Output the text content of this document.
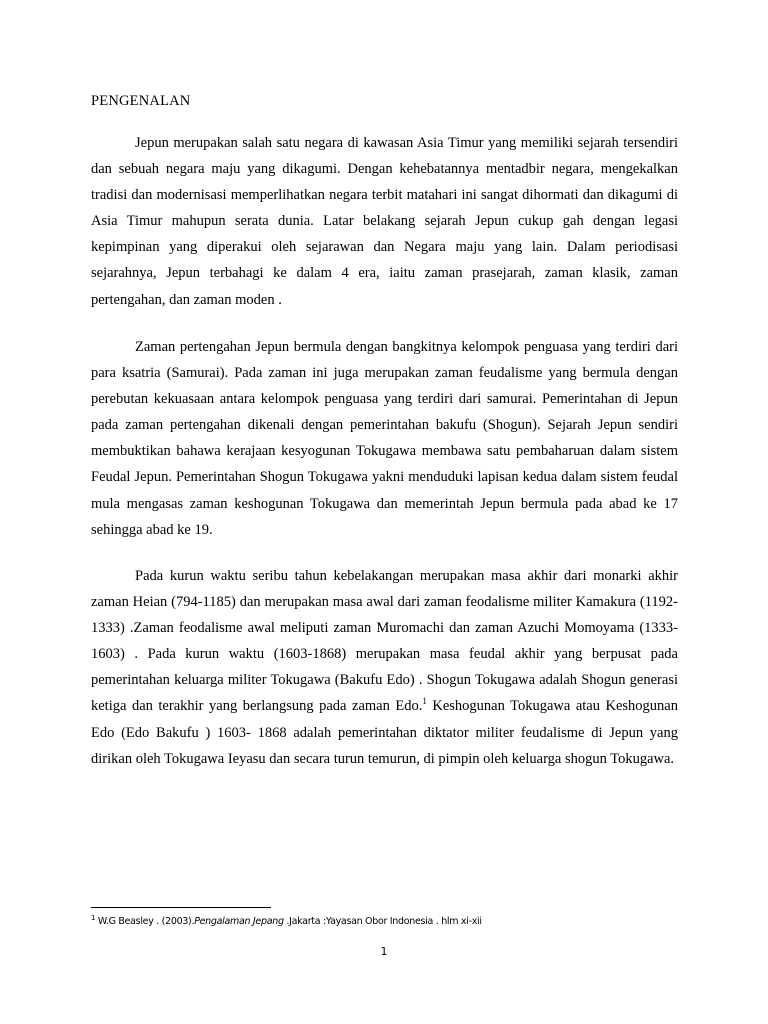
PENGENALAN

Jepun merupakan salah satu negara di kawasan Asia Timur yang memiliki sejarah tersendiri dan sebuah negara maju yang dikagumi. Dengan kehebatannya mentadbir negara, mengekalkan tradisi dan modernisasi memperlihatkan negara terbit matahari ini sangat dihormati dan dikagumi di Asia Timur mahupun serata dunia. Latar belakang sejarah Jepun cukup gah dengan legasi kepimpinan yang diperakui oleh sejarawan dan Negara maju yang lain. Dalam periodisasi sejarahnya, Jepun terbahagi ke dalam 4 era, iaitu zaman prasejarah, zaman klasik, zaman pertengahan, dan zaman moden .

Zaman pertengahan Jepun bermula dengan bangkitnya kelompok penguasa yang terdiri dari para ksatria (Samurai). Pada zaman ini juga merupakan zaman feudalisme yang bermula dengan perebutan kekuasaan antara kelompok penguasa yang terdiri dari samurai. Pemerintahan di Jepun pada zaman pertengahan dikenali dengan pemerintahan bakufu (Shogun). Sejarah Jepun sendiri membuktikan bahawa kerajaan kesyogunan Tokugawa membawa satu pembaharuan dalam sistem Feudal Jepun. Pemerintahan Shogun Tokugawa yakni menduduki lapisan kedua dalam sistem feudal mula mengasas zaman keshogunan Tokugawa dan memerintah Jepun bermula pada abad ke 17 sehingga abad ke 19.

Pada kurun waktu seribu tahun kebelakangan merupakan masa akhir dari monarki akhir zaman Heian (794-1185) dan merupakan masa awal dari zaman feodalisme militer Kamakura (1192-1333) .Zaman feodalisme awal meliputi zaman Muromachi dan zaman Azuchi Momoyama (1333-1603) . Pada kurun waktu (1603-1868) merupakan masa feudal akhir yang berpusat pada pemerintahan keluarga militer Tokugawa (Bakufu Edo) . Shogun Tokugawa adalah Shogun generasi ketiga dan terakhir yang berlangsung pada zaman Edo.$^1$ Keshogunan Tokugawa atau Keshogunan Edo (Edo Bakufu ) 1603- 1868 adalah pemerintahan diktator militer feudalisme di Jepun yang dirikan oleh Tokugawa Ieyasu dan secara turun temurun, di pimpin oleh keluarga shogun Tokugawa.

$^1$ W.G Beasley . (2003).Pengalaman Jepang .Jakarta :Yayasan Obor Indonesia . hlm xi-xii
1
